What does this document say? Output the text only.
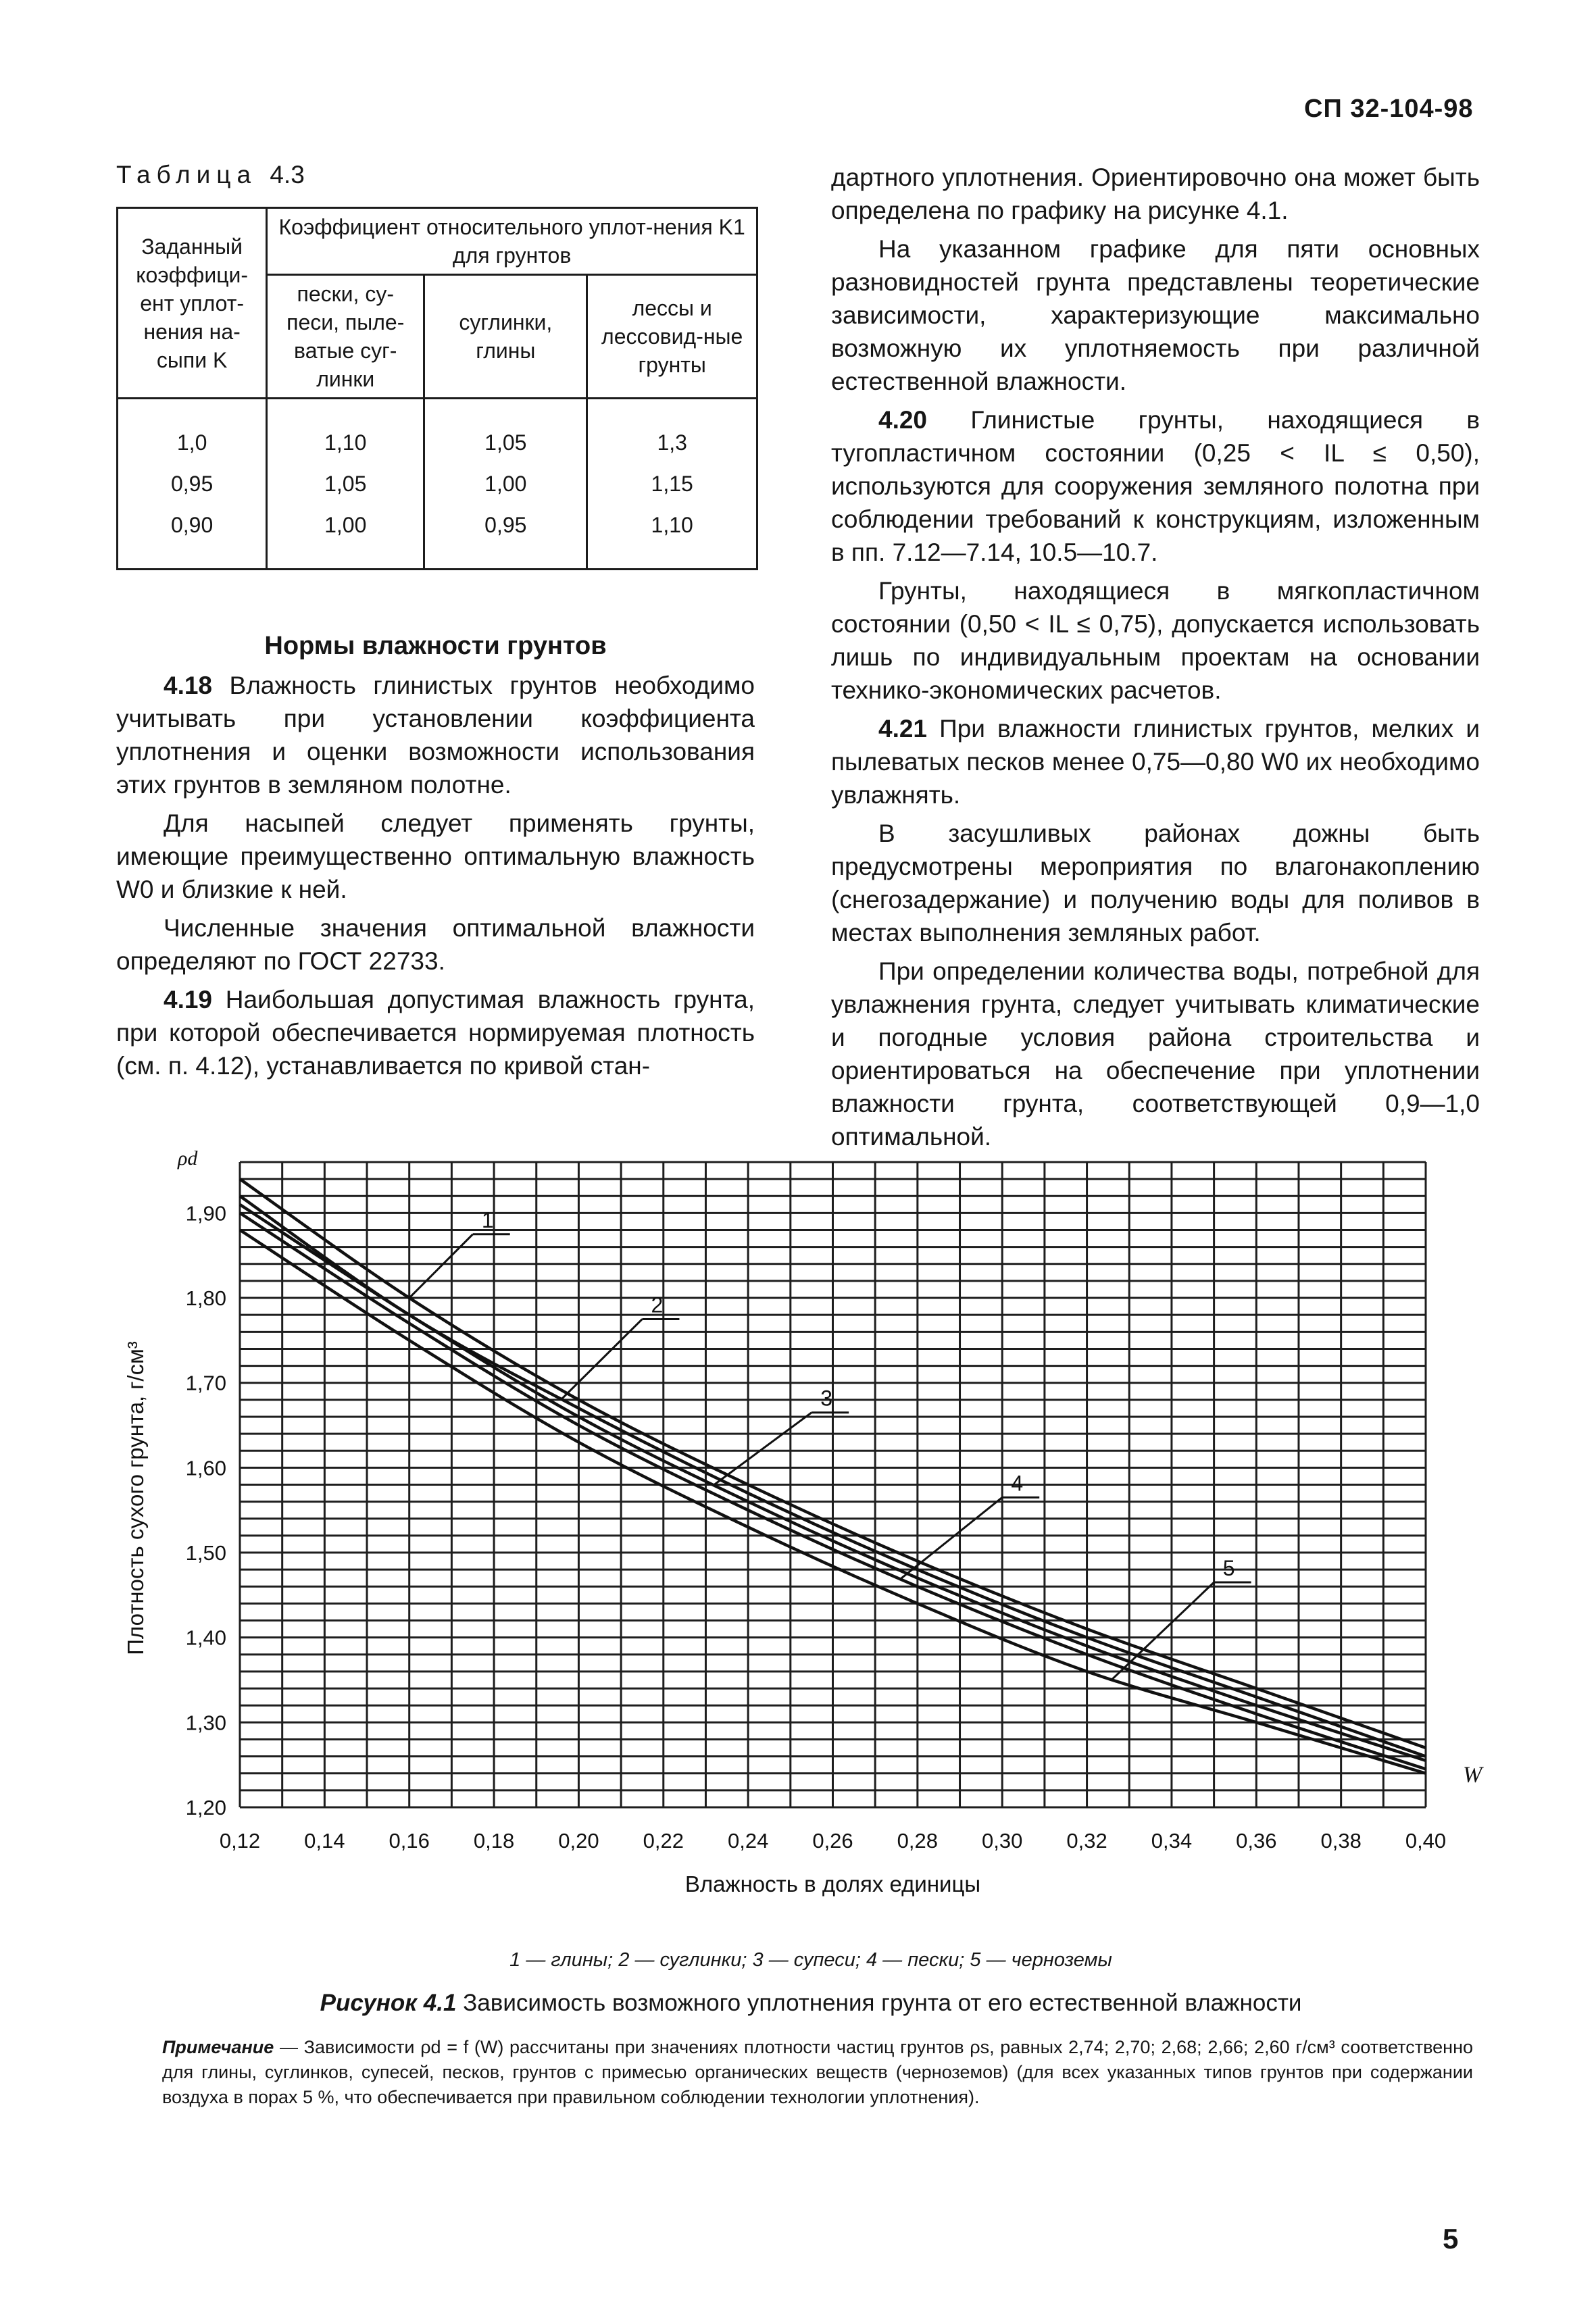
СП 32-104-98
Таблица 4.3
Заданный коэффици-ент уплот-нения на-сыпи K	Коэффициент относительного уплот-нения K1 для грунтов		
	пески, су-песи, пыле-ватые суг-линки	суглинки, глины	лессы и лессовид-ные грунты
1,0	1,10	1,05	1,3
0,95	1,05	1,00	1,15
0,90	1,00	0,95	1,10
Нормы влажности грунтов

4.18 Влажность глинистых грунтов необходимо учитывать при установлении коэффициента уплотнения и оценки возможности использования этих грунтов в земляном полотне.

Для насыпей следует применять грунты, имеющие преимущественно оптимальную влажность W0 и близкие к ней.

Численные значения оптимальной влажности определяют по ГОСТ 22733.

4.19 Наибольшая допустимая влажность грунта, при которой обеспечивается нормируемая плотность (см. п. 4.12), устанавливается по кривой стан-

дартного уплотнения. Ориентировочно она может быть определена по графику на рисунке 4.1.

На указанном графике для пяти основных разновидностей грунта представлены теоретические зависимости, характеризующие максимально возможную их уплотняемость при различной естественной влажности.

4.20 Глинистые грунты, находящиеся в тугопластичном состоянии (0,25 < IL ≤ 0,50), используются для сооружения земляного полотна при соблюдении требований к конструкциям, изложенным в пп. 7.12—7.14, 10.5—10.7.

Грунты, находящиеся в мягкопластичном состоянии (0,50 < IL ≤ 0,75), допускается использовать лишь по индивидуальным проектам на основании технико-экономических расчетов.

4.21 При влажности глинистых грунтов, мелких и пылеватых песков менее 0,75—0,80 W0 их необходимо увлажнять.

В засушливых районах дожны быть предусмотрены мероприятия по влагонакоплению (снегозадержание) и получению воды для поливов в местах выполнения земляных работ.

При определении количества воды, потребной для увлажнения грунта, следует учитывать климатические и погодные условия района строительства и ориентироваться на обеспечение при уплотнении влажности грунта, соответствующей 0,9—1,0 оптимальной.

1
2
3
4
5
0,12 0,14 0,16 0,18 0,20 0,22 0,24 0,26 0,28 0,30 0,32 0,34 0,36 0,38 0,40
1,90
1,80
1,70
1,60
1,50
1,40
1,30
1,20
ρd
W
Влажность в долях единицы
Плотность сухого грунта, г/см³
1 — глины; 2 — суглинки; 3 — супеси; 4 — пески; 5 — черноземы
Рисунок 4.1 Зависимость возможного уплотнения грунта от его естественной влажности
Примечание — Зависимости ρd = f (W) рассчитаны при значениях плотности частиц грунтов ρs, равных 2,74; 2,70; 2,68; 2,66; 2,60 г/см³ соответственно для глины, суглинков, супесей, песков, грунтов с примесью органических веществ (черноземов) (для всех указанных типов грунтов при содержании воздуха в порах 5 %, что обеспечивается при правильном соблюдении технологии уплотнения).
5
